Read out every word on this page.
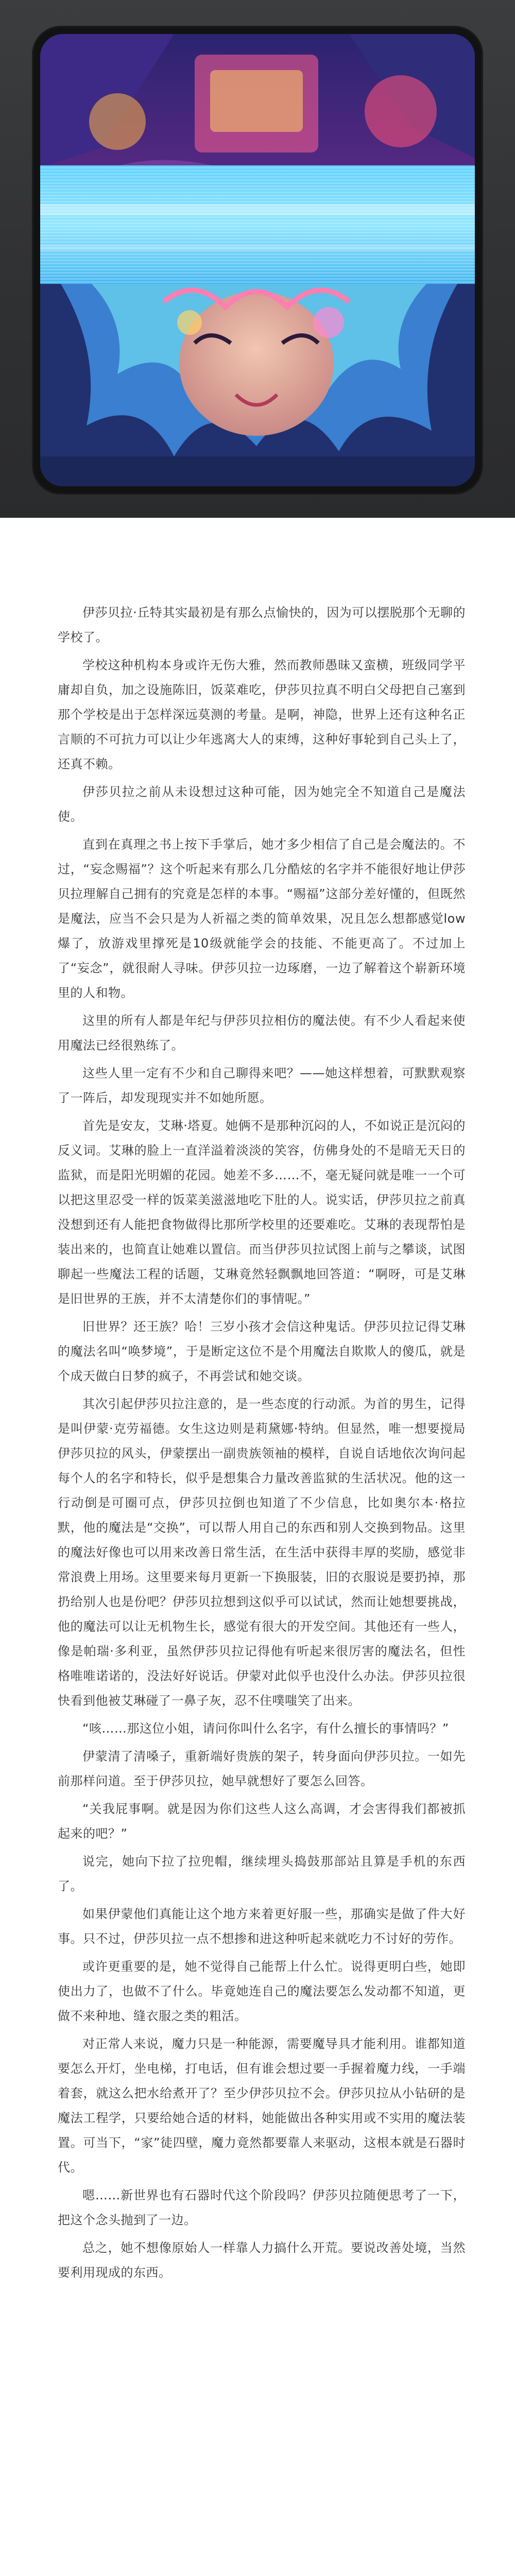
伊莎贝拉·丘特其实最初是有那么点愉快的，因为可以摆脱那个无聊的学校了。

学校这种机构本身或许无伤大雅，然而教师愚昧又蛮横，班级同学平庸却自负，加之设施陈旧，饭菜难吃，伊莎贝拉真不明白父母把自己塞到那个学校是出于怎样深远莫测的考量。是啊，神隐，世界上还有这种名正言顺的不可抗力可以让少年逃离大人的束缚，这种好事轮到自己头上了，还真不赖。

伊莎贝拉之前从未设想过这种可能，因为她完全不知道自己是魔法使。

直到在真理之书上按下手掌后，她才多少相信了自己是会魔法的。不过，“妄念赐福”？这个听起来有那么几分酷炫的名字并不能很好地让伊莎贝拉理解自己拥有的究竟是怎样的本事。“赐福”这部分差好懂的，但既然是魔法，应当不会只是为人祈福之类的简单效果，况且怎么想都感觉low爆了，放游戏里撑死是10级就能学会的技能、不能更高了。不过加上了“妄念”，就很耐人寻味。伊莎贝拉一边琢磨，一边了解着这个崭新环境里的人和物。

这里的所有人都是年纪与伊莎贝拉相仿的魔法使。有不少人看起来使用魔法已经很熟练了。

这些人里一定有不少和自己聊得来吧？——她这样想着，可默默观察了一阵后，却发现现实并不如她所愿。

首先是安友，艾琳·塔夏。她俩不是那种沉闷的人，不如说正是沉闷的反义词。艾琳的脸上一直洋溢着淡淡的笑容，仿佛身处的不是暗无天日的监狱，而是阳光明媚的花园。她差不多……不，毫无疑问就是唯一一个可以把这里忍受一样的饭菜美滋滋地吃下肚的人。说实话，伊莎贝拉之前真没想到还有人能把食物做得比那所学校里的还要难吃。艾琳的表现帮怕是装出来的，也简直让她难以置信。而当伊莎贝拉试图上前与之攀谈，试图聊起一些魔法工程的话题，艾琳竟然轻飘飘地回答道：“啊呀，可是艾琳是旧世界的王族，并不太清楚你们的事情呢。”

旧世界？还王族？哈！三岁小孩才会信这种鬼话。伊莎贝拉记得艾琳的魔法名叫“唤梦境”，于是断定这位不是个用魔法自欺欺人的傻瓜，就是个成天做白日梦的疯子，不再尝试和她交谈。

其次引起伊莎贝拉注意的，是一些态度的行动派。为首的男生，记得是叫伊蒙·克劳福德。女生这边则是莉黛娜·特纳。但显然，唯一想要搅局伊莎贝拉的风头，伊蒙摆出一副贵族领袖的模样，自说自话地依次询问起每个人的名字和特长，似乎是想集合力量改善监狱的生活状况。他的这一行动倒是可圈可点，伊莎贝拉倒也知道了不少信息，比如奥尔本·格拉默，他的魔法是“交换”，可以帮人用自己的东西和别人交换到物品。这里的魔法好像也可以用来改善日常生活，在生活中获得丰厚的奖励，感觉非常浪费上用场。这里要来每月更新一下换服装，旧的衣服说是要扔掉，那扔给别人也是份吧？伊莎贝拉想到这似乎可以试试，然而让她想要挑战，他的魔法可以让无机物生长，感觉有很大的开发空间。其他还有一些人，像是帕瑞·多利亚，虽然伊莎贝拉记得他有听起来很厉害的魔法名，但性格唯唯诺诺的，没法好好说话。伊蒙对此似乎也没什么办法。伊莎贝拉很快看到他被艾琳碰了一鼻子灰，忍不住噗嗤笑了出来。

“咳……那这位小姐，请问你叫什么名字，有什么擅长的事情吗？”

伊蒙清了清嗓子，重新端好贵族的架子，转身面向伊莎贝拉。一如先前那样问道。至于伊莎贝拉，她早就想好了要怎么回答。

“关我屁事啊。就是因为你们这些人这么高调，才会害得我们都被抓起来的吧？”

说完，她向下拉了拉兜帽，继续埋头捣鼓那部站且算是手机的东西了。

如果伊蒙他们真能让这个地方来着更好服一些，那确实是做了件大好事。只不过，伊莎贝拉一点不想掺和进这种听起来就吃力不讨好的劳作。

或许更重要的是，她不觉得自己能帮上什么忙。说得更明白些，她即使出力了，也做不了什么。毕竟她连自己的魔法要怎么发动都不知道，更做不来种地、缝衣服之类的粗活。

对正常人来说，魔力只是一种能源，需要魔导具才能利用。谁都知道要怎么开灯，坐电梯，打电话，但有谁会想过要一手握着魔力线，一手端着套，就这么把水给煮开了？至少伊莎贝拉不会。伊莎贝拉从小钻研的是魔法工程学，只要给她合适的材料，她能做出各种实用或不实用的魔法装置。可当下，“家”徒四壁，魔力竟然都要靠人来驱动，这根本就是石器时代。

嗯……新世界也有石器时代这个阶段吗？伊莎贝拉随便思考了一下，把这个念头抛到了一边。

总之，她不想像原始人一样靠人力搞什么开荒。要说改善处境，当然要利用现成的东西。
